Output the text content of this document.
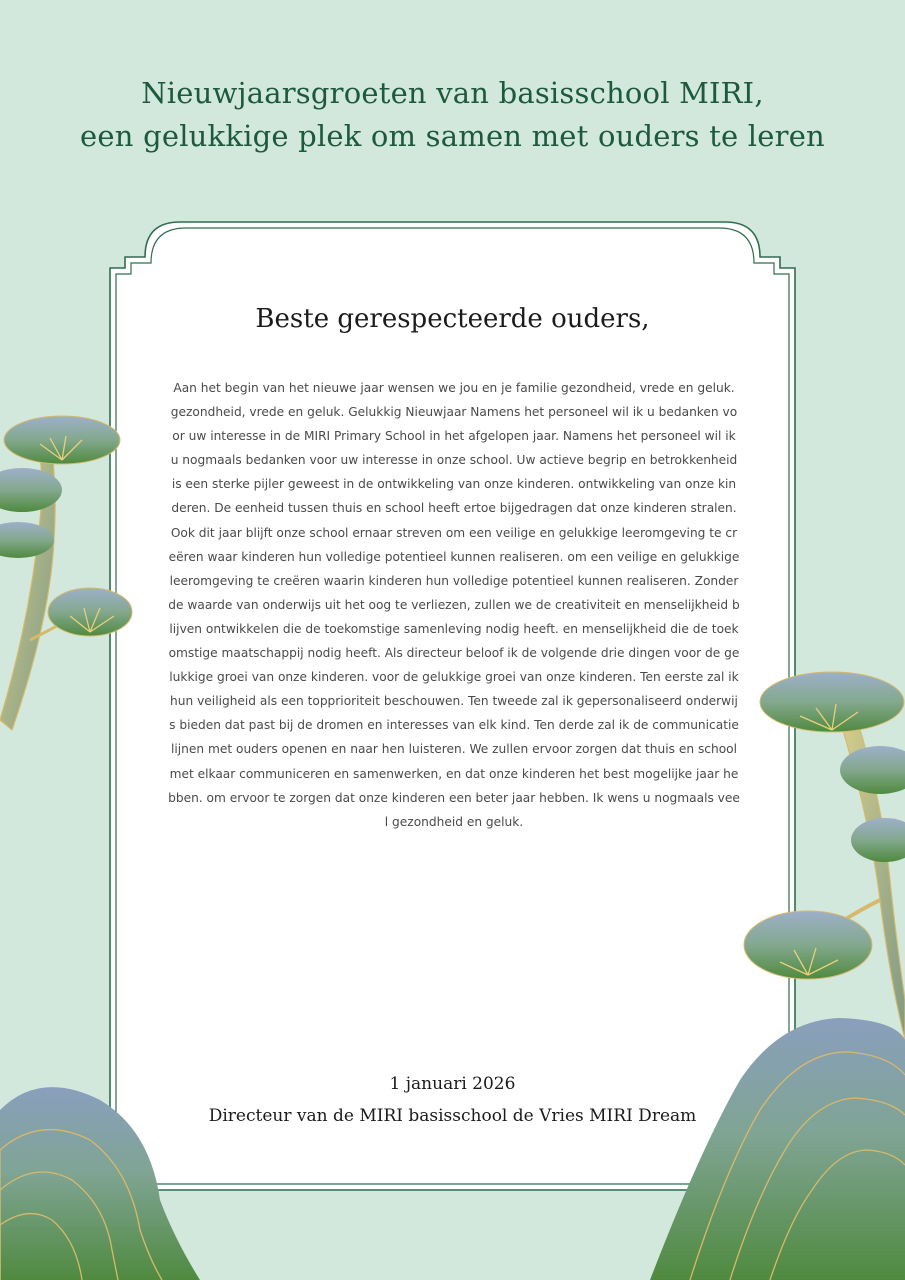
Nieuwjaarsgroeten van basisschool MIRI,
een gelukkige plek om samen met ouders te leren
Beste gerespecteerde ouders,

Aan het begin van het nieuwe jaar wensen we jou en je familie gezondheid, vrede en geluk. gezondheid, vrede en geluk. Gelukkig Nieuwjaar Namens het personeel wil ik u bedanken voor uw interesse in de MIRI Primary School in het afgelopen jaar. Namens het personeel wil ik u nogmaals bedanken voor uw interesse in onze school. Uw actieve begrip en betrokkenheid is een sterke pijler geweest in de ontwikkeling van onze kinderen. ontwikkeling van onze kinderen. De eenheid tussen thuis en school heeft ertoe bijgedragen dat onze kinderen stralen. Ook dit jaar blijft onze school ernaar streven om een veilige en gelukkige leeromgeving te creëren waar kinderen hun volledige potentieel kunnen realiseren. om een veilige en gelukkige leeromgeving te creëren waarin kinderen hun volledige potentieel kunnen realiseren. Zonder de waarde van onderwijs uit het oog te verliezen, zullen we de creativiteit en menselijkheid blijven ontwikkelen die de toekomstige samenleving nodig heeft. en menselijkheid die de toekomstige maatschappij nodig heeft. Als directeur beloof ik de volgende drie dingen voor de gelukkige groei van onze kinderen. voor de gelukkige groei van onze kinderen. Ten eerste zal ik hun veiligheid als een topprioriteit beschouwen. Ten tweede zal ik gepersonaliseerd onderwijs bieden dat past bij de dromen en interesses van elk kind. Ten derde zal ik de communicatielijnen met ouders openen en naar hen luisteren. We zullen ervoor zorgen dat thuis en school met elkaar communiceren en samenwerken, en dat onze kinderen het best mogelijke jaar hebben. om ervoor te zorgen dat onze kinderen een beter jaar hebben. Ik wens u nogmaals veel gezondheid en geluk.

1 januari 2026
Directeur van de MIRI basisschool de Vries MIRI Dream
